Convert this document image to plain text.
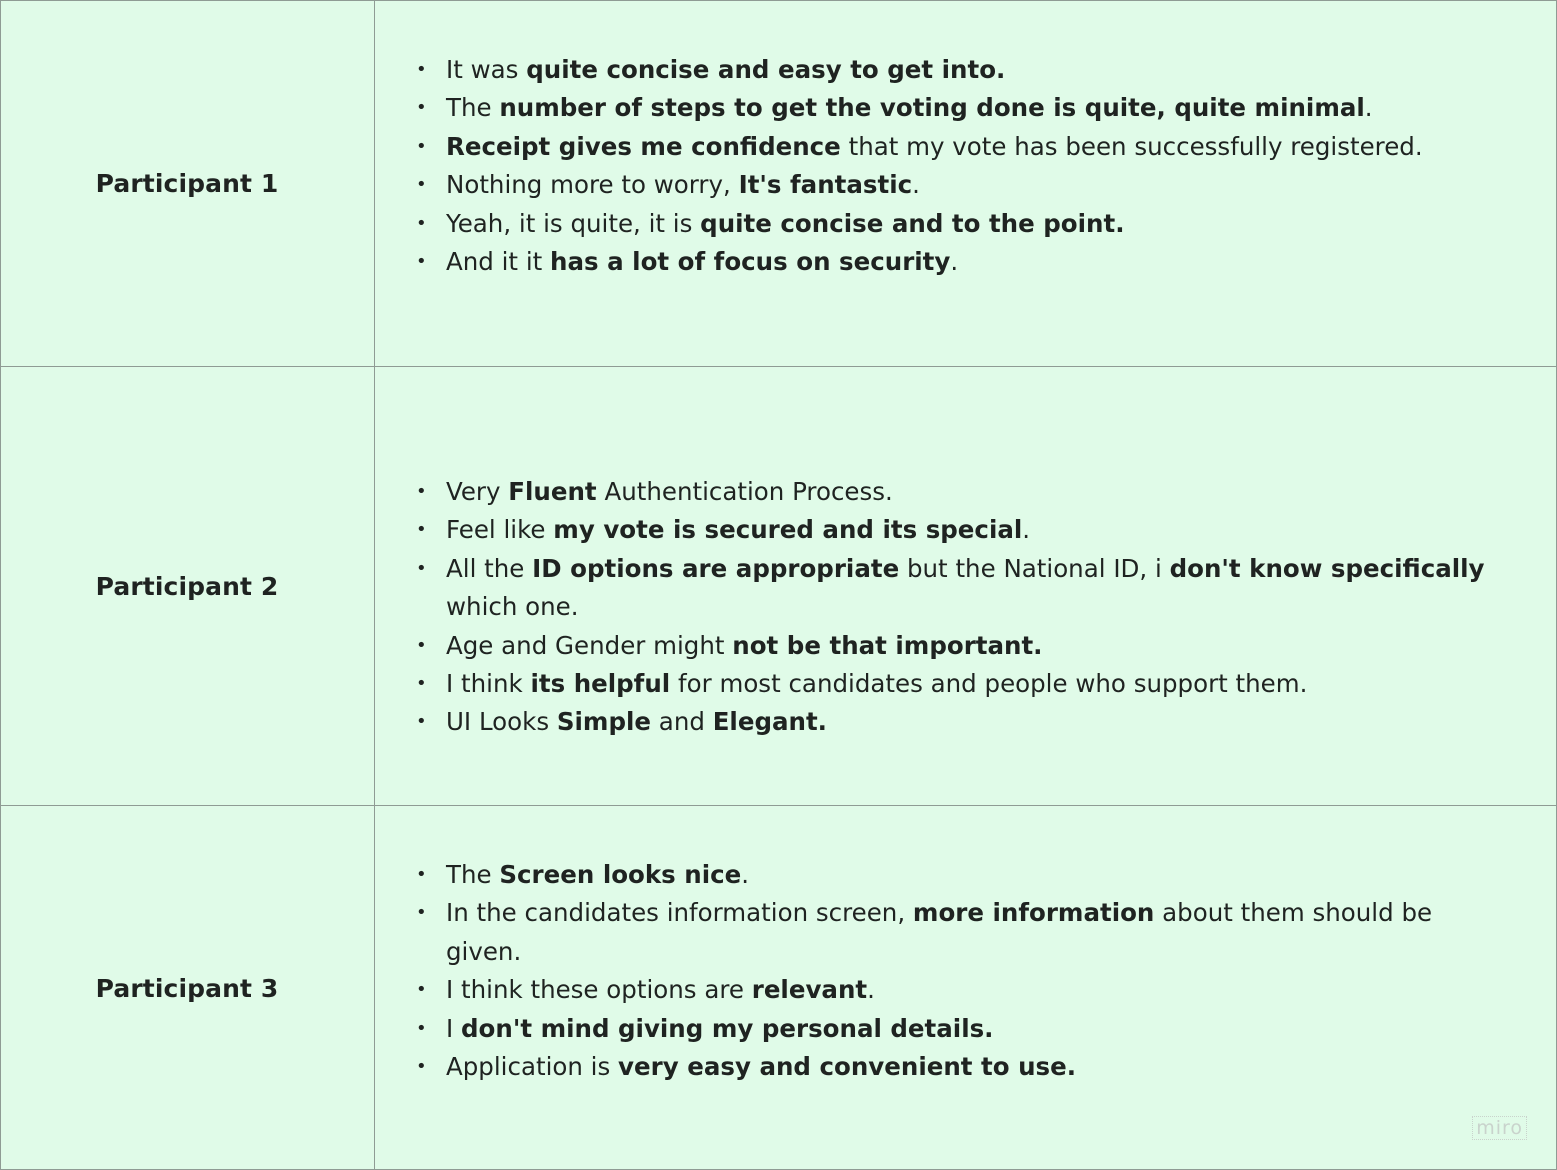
Participant 1
• It was quite concise and easy to get into.
• The number of steps to get the voting done is quite, quite minimal.
• Receipt gives me confidence that my vote has been successfully registered.
• Nothing more to worry, It's fantastic.
• Yeah, it is quite, it is quite concise and to the point.
• And it it has a lot of focus on security.
Participant 2
• Very Fluent Authentication Process.
• Feel like my vote is secured and its special.
• All the ID options are appropriate but the National ID, i don't know specifically which one.
• Age and Gender might not be that important.
• I think its helpful for most candidates and people who support them.
• UI Looks Simple and Elegant.
Participant 3
• The Screen looks nice.
• In the candidates information screen, more information about them should be given.
• I think these options are relevant.
• I don't mind giving my personal details.
• Application is very easy and convenient to use.
miro
